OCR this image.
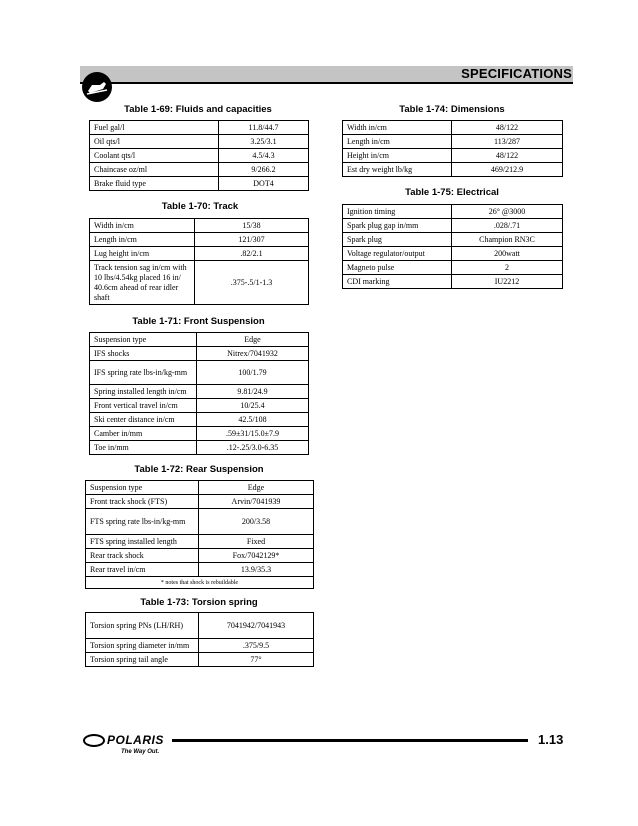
SPECIFICATIONS
Table 1-69: Fluids and capacities
Fuel gal/l	11.8/44.7
Oil qts/l	3.25/3.1
Coolant qts/l	4.5/4.3
Chaincase oz/ml	9/266.2
Brake fluid type	DOT4
Table 1-70: Track
Width in/cm	15/38
Length in/cm	121/307
Lug height in/cm	.82/2.1
Track tension sag in/cm with 10 lbs/4.54kg placed 16 in/ 40.6cm ahead of rear idler shaft	.375-.5/1-1.3
Table 1-71: Front Suspension
Suspension type	Edge
IFS shocks	Nitrex/7041932
IFS spring rate lbs-in/kg-mm	100/1.79
Spring installed length in/cm	9.81/24.9
Front vertical travel in/cm	10/25.4
Ski center distance in/cm	42.5/108
Camber in/mm	.59±31/15.0±7.9
Toe in/mm	.12-.25/3.0-6.35
Table 1-72: Rear Suspension
Suspension type	Edge
Front track shock (FTS)	Arvin/7041939
FTS spring rate lbs-in/kg-mm	200/3.58
FTS spring installed length	Fixed
Rear track shock	Fox/7042129*
Rear travel in/cm	13.9/35.3
* notes that shock is rebuildable	
Table 1-73: Torsion spring
Torsion spring PNs (LH/RH)	7041942/7041943
Torsion spring diameter in/mm	.375/9.5
Torsion spring tail angle	77°
Table 1-74: Dimensions
Width in/cm	48/122
Length in/cm	113/287
Height in/cm	48/122
Est dry weight lb/kg	469/212.9
Table 1-75: Electrical
Ignition timing	26° @3000
Spark plug gap in/mm	.028/.71
Spark plug	Champion RN3C
Voltage regulator/output	200watt
Magneto pulse	2
CDI marking	IU2212
POLARIS
The Way Out.
1.13
